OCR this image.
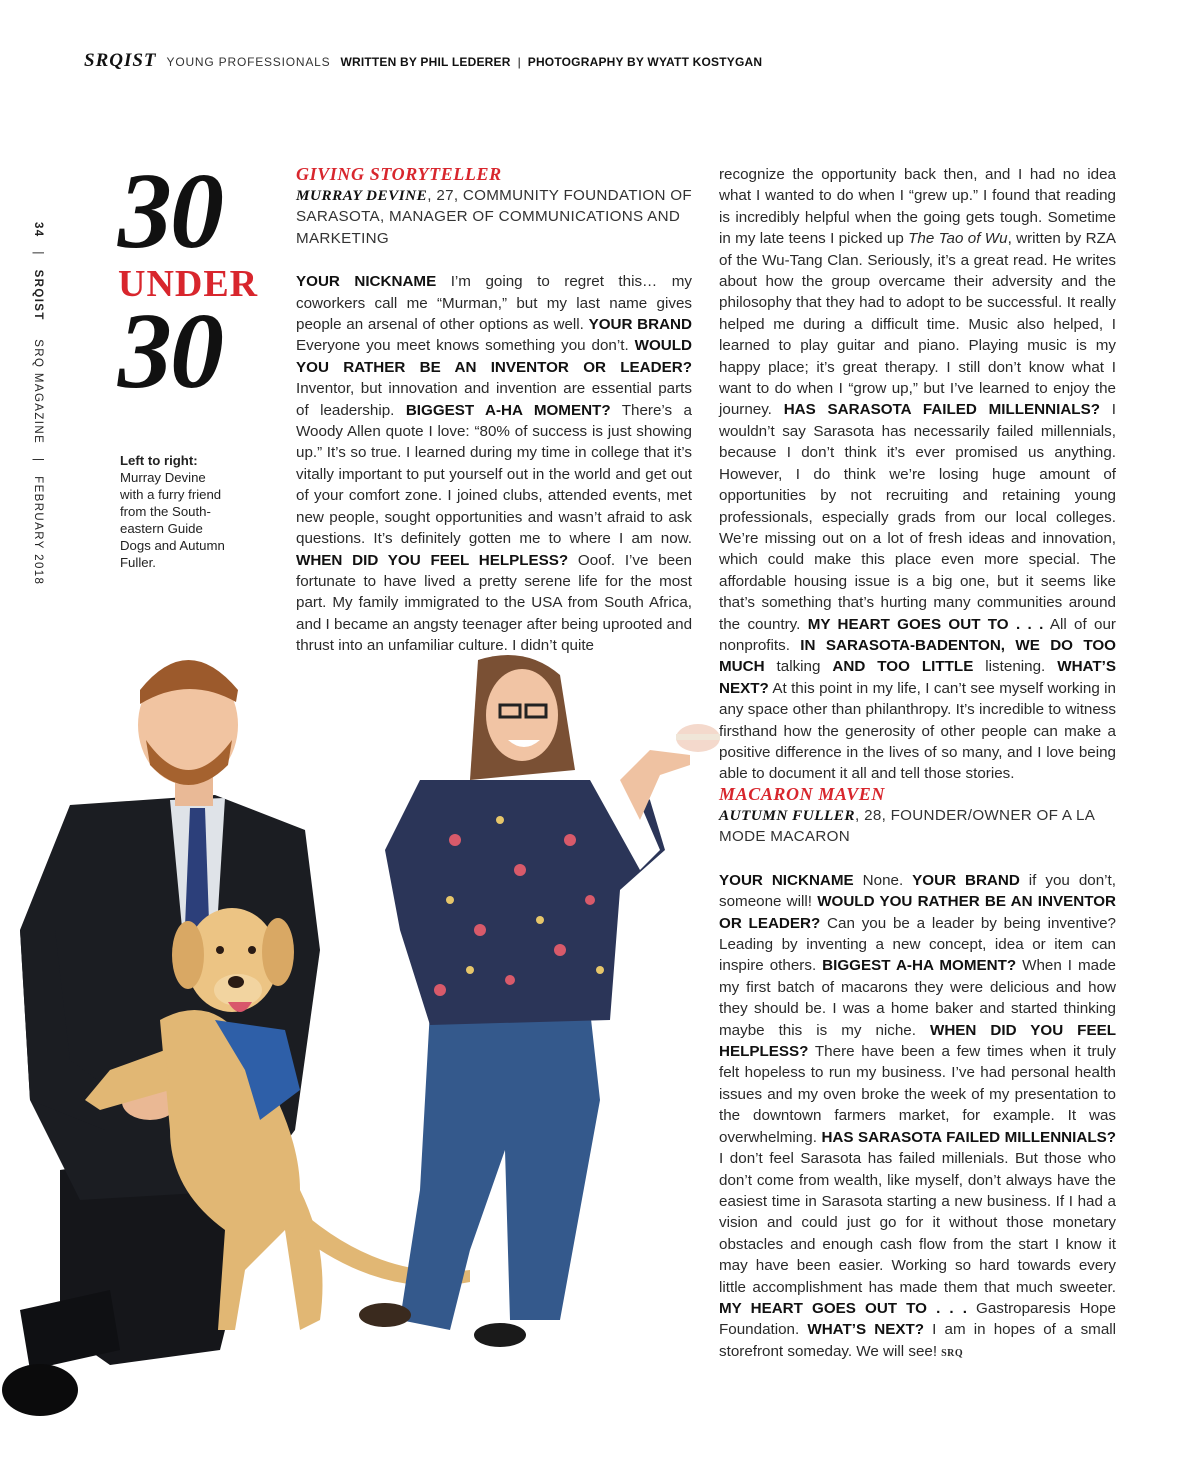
SRQIST YOUNG PROFESSIONALS WRITTEN BY PHIL LEDERER | PHOTOGRAPHY BY WYATT KOSTYGAN
34   |   SRQIST    SRQ MAGAZINE   |   FEBRUARY 2018
30
UNDER
30
Left to right:
Murray Devine with a furry friend from the South-eastern Guide Dogs and Autumn Fuller.
GIVING STORYTELLER
MURRAY DEVINE, 27, COMMUNITY FOUNDATION OF SARASOTA, MANAGER OF COMMUNICATIONS AND MARKETING
YOUR NICKNAME I’m going to regret this… my coworkers call me “Murman,” but my last name gives people an arsenal of other options as well. YOUR BRAND Everyone you meet knows something you don’t. WOULD YOU RATHER BE AN INVENTOR OR LEADER? Inventor, but innovation and invention are essential parts of leadership. BIGGEST A-HA MOMENT? There’s a Woody Allen quote I love: “80% of success is just showing up.” It’s so true. I learned during my time in college that it’s vitally important to put yourself out in the world and get out of your comfort zone. I joined clubs, attended events, met new people, sought opportunities and wasn’t afraid to ask questions. It’s definitely gotten me to where I am now. WHEN DID YOU FEEL HELPLESS? Ooof. I’ve been fortunate to have lived a pretty serene life for the most part. My family immigrated to the USA from South Africa, and I became an angsty teenager after being uprooted and thrust into an unfamiliar culture. I didn’t quite
recognize the opportunity back then, and I had no idea what I wanted to do when I “grew up.” I found that reading is incredibly helpful when the going gets tough. Sometime in my late teens I picked up The Tao of Wu, written by RZA of the Wu-Tang Clan. Seriously, it’s a great read. He writes about how the group overcame their adversity and the philosophy that they had to adopt to be successful. It really helped me during a difficult time. Music also helped, I learned to play guitar and piano. Playing music is my happy place; it’s great therapy. I still don’t know what I want to do when I “grow up,” but I’ve learned to enjoy the journey. HAS SARASOTA FAILED MILLENNIALS? I wouldn’t say Sarasota has necessarily failed millennials, because I don’t think it’s ever promised us anything. However, I do think we’re losing huge amount of opportunities by not recruiting and retaining young professionals, especially grads from our local colleges. We’re missing out on a lot of fresh ideas and innovation, which could make this place even more special. The affordable housing issue is a big one, but it seems like that’s something that’s hurting many communities around the country. MY HEART GOES OUT TO . . . All of our nonprofits. IN SARASOTA-BADENTON, WE DO TOO MUCH talking AND TOO LITTLE listening. WHAT’S NEXT? At this point in my life, I can’t see myself working in any space other than philanthropy. It’s incredible to witness firsthand how the generosity of other people can make a positive difference in the lives of so many, and I love being able to document it all and tell those stories.
MACARON MAVEN
AUTUMN FULLER, 28, FOUNDER/OWNER OF A LA MODE MACARON
YOUR NICKNAME None. YOUR BRAND if you don’t, someone will! WOULD YOU RATHER BE AN INVENTOR OR LEADER? Can you be a leader by being inventive? Leading by inventing a new concept, idea or item can inspire others. BIGGEST A-HA MOMENT? When I made my first batch of macarons they were delicious and how they should be. I was a home baker and started thinking maybe this is my niche. WHEN DID YOU FEEL HELPLESS? There have been a few times when it truly felt hopeless to run my business. I’ve had personal health issues and my oven broke the week of my presentation to the downtown farmers market, for example. It was overwhelming. HAS SARASOTA FAILED MILLENNIALS? I don’t feel Sarasota has failed millenials. But those who don’t come from wealth, like myself, don’t always have the easiest time in Sarasota starting a new business. If I had a vision and could just go for it without those monetary obstacles and enough cash flow from the start I know it may have been easier. Working so hard towards every little accomplishment has made them that much sweeter. MY HEART GOES OUT TO . . . Gastroparesis Hope Foundation. WHAT’S NEXT? I am in hopes of a small storefront someday. We will see! SRQ
